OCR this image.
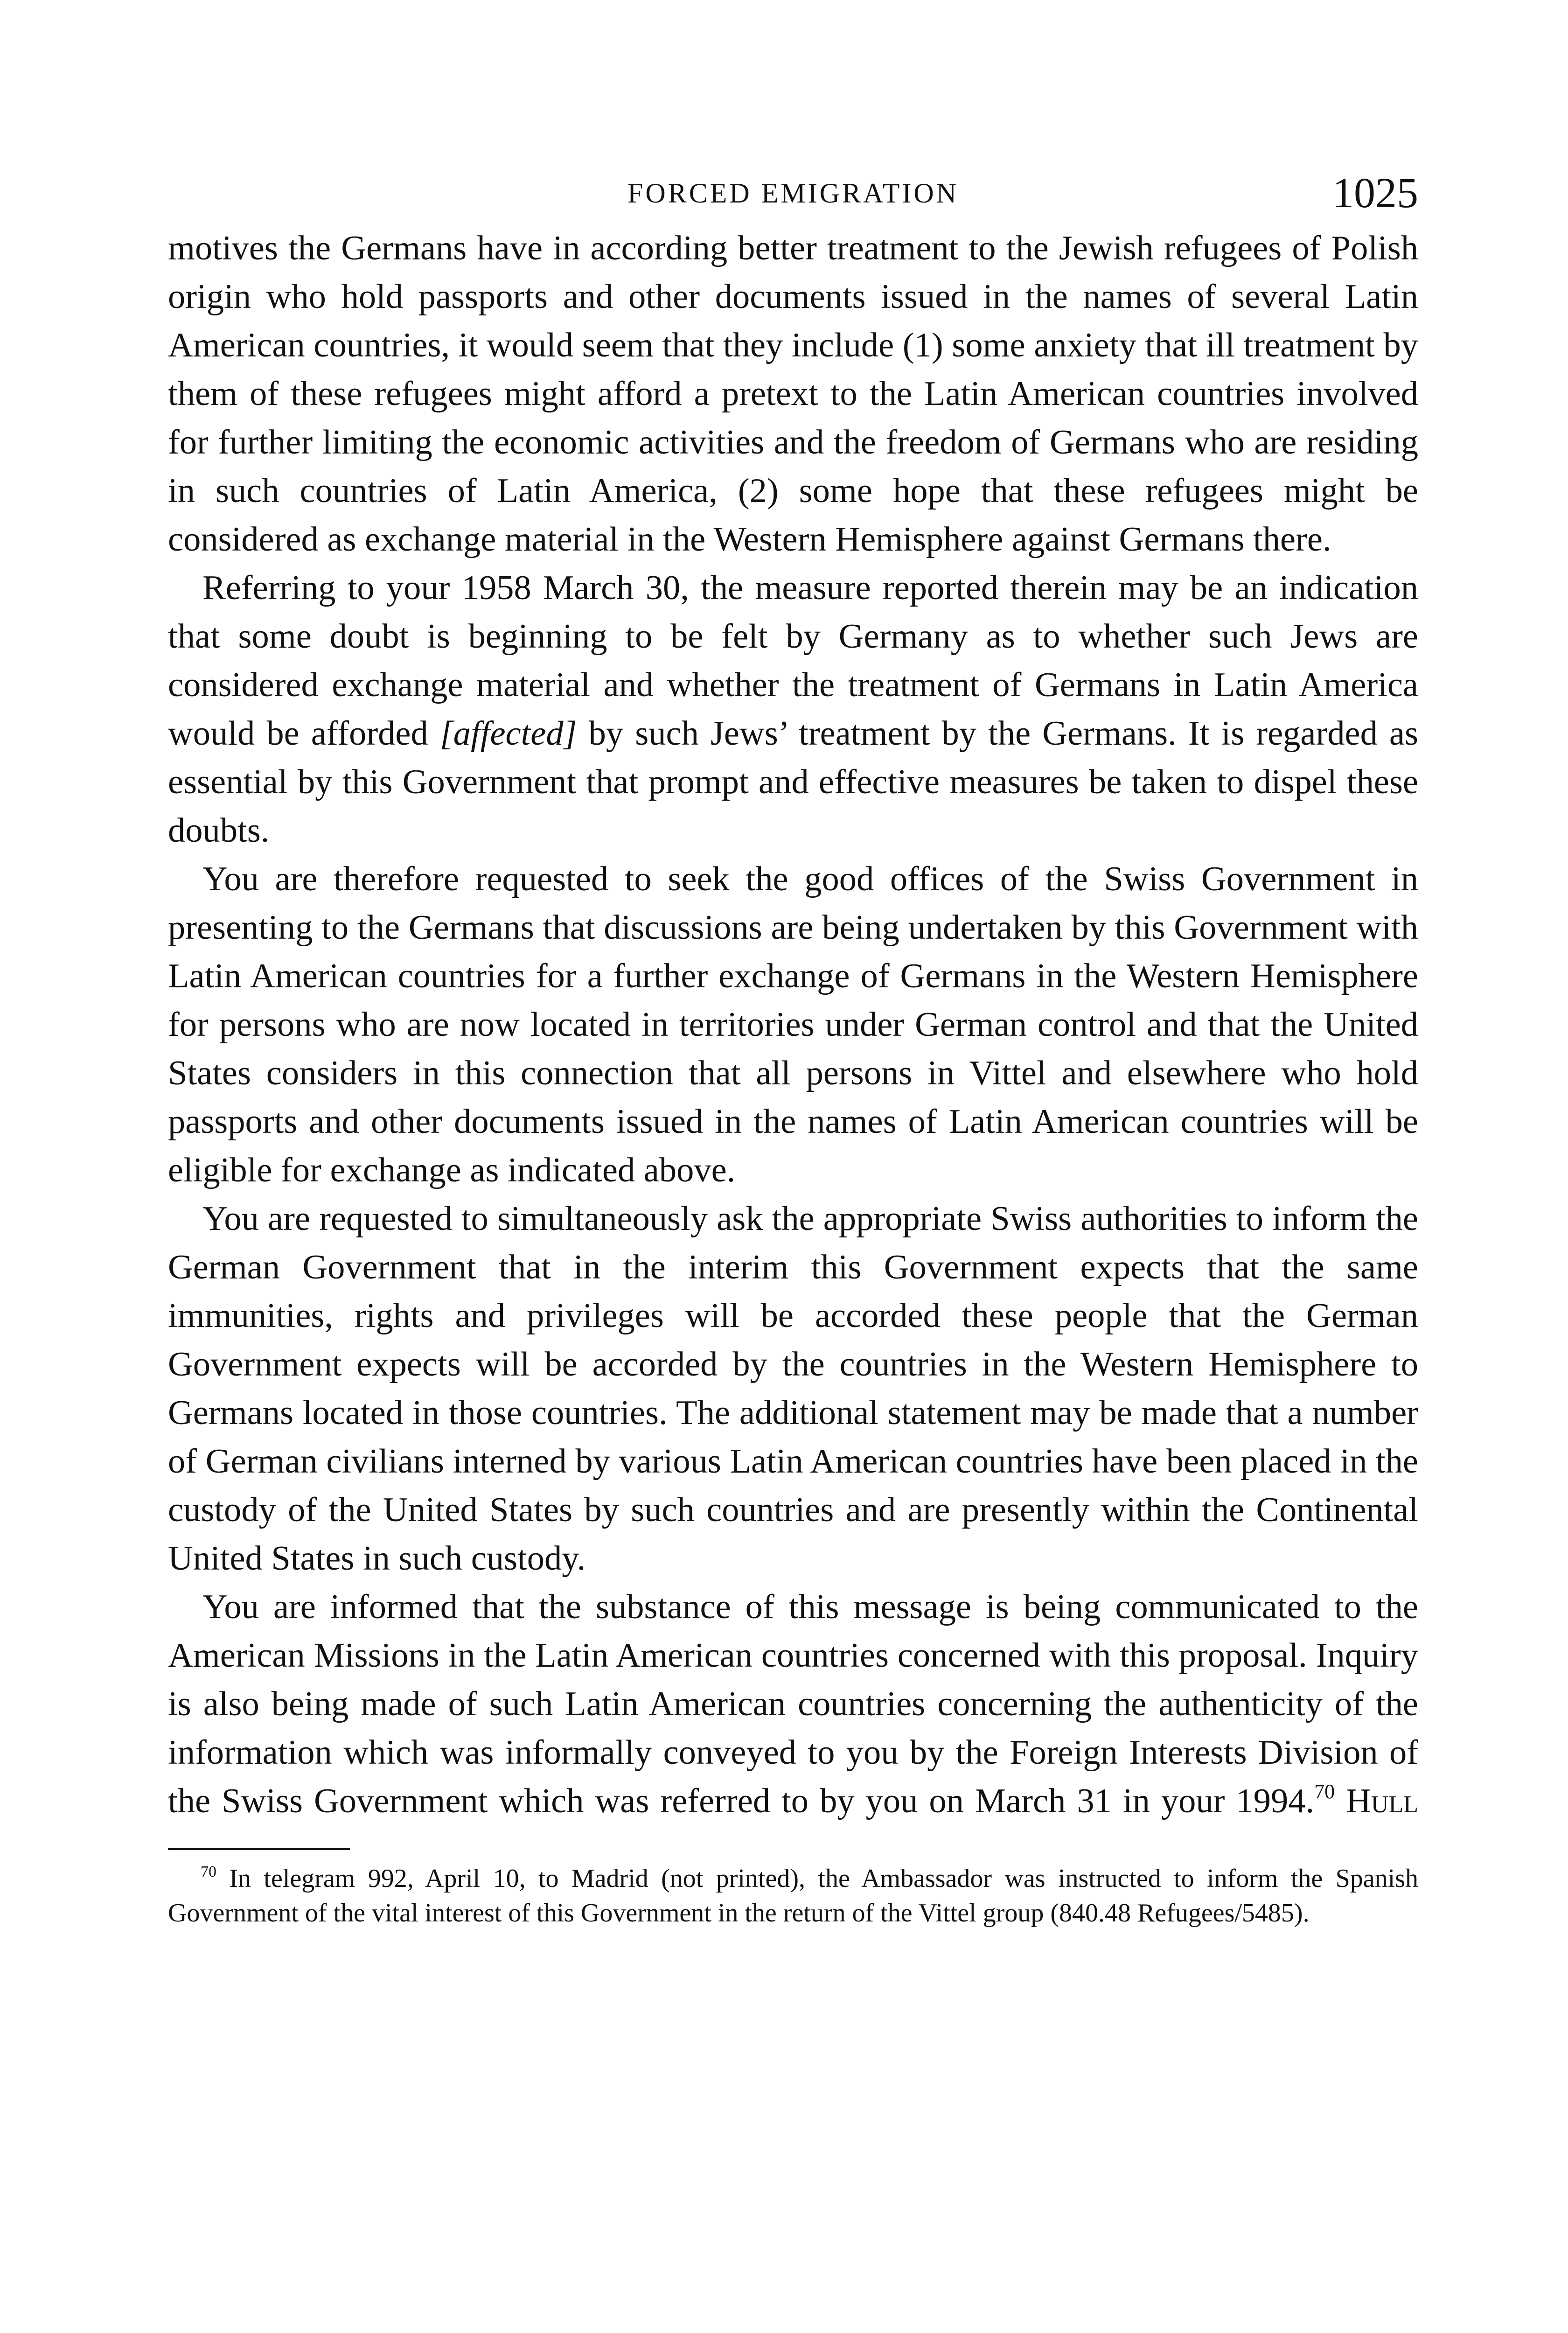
FORCED EMIGRATION	1025

motives the Germans have in according better treatment to the Jewish refugees of Polish origin who hold passports and other documents issued in the names of several Latin American countries, it would seem that they include (1) some anxiety that ill treatment by them of these refugees might afford a pretext to the Latin American countries involved for further limiting the economic activities and the freedom of Germans who are residing in such countries of Latin America, (2) some hope that these refugees might be considered as exchange material in the Western Hemisphere against Germans there.

Referring to your 1958 March 30, the measure reported therein may be an indication that some doubt is beginning to be felt by Germany as to whether such Jews are considered exchange material and whether the treatment of Germans in Latin America would be afforded [affected] by such Jews’ treatment by the Germans. It is regarded as essential by this Government that prompt and effective measures be taken to dispel these doubts.

You are therefore requested to seek the good offices of the Swiss Government in presenting to the Germans that discussions are being undertaken by this Government with Latin American countries for a further exchange of Germans in the Western Hemisphere for persons who are now located in territories under German control and that the United States considers in this connection that all persons in Vittel and elsewhere who hold passports and other documents issued in the names of Latin American countries will be eligible for exchange as indicated above.

You are requested to simultaneously ask the appropriate Swiss authorities to inform the German Government that in the interim this Government expects that the same immunities, rights and privileges will be accorded these people that the German Government expects will be accorded by the countries in the Western Hemisphere to Germans located in those countries. The additional statement may be made that a number of German civilians interned by various Latin American countries have been placed in the custody of the United States by such countries and are presently within the Continental United States in such custody.

You are informed that the substance of this message is being communicated to the American Missions in the Latin American countries concerned with this proposal. Inquiry is also being made of such Latin American countries concerning the authenticity of the information which was informally conveyed to you by the Foreign Interests Division of the Swiss Government which was referred to by you on March 31 in your 1994.70 Hull

$^{70}$ In telegram 992, April 10, to Madrid (not printed), the Ambassador was instructed to inform the Spanish Government of the vital interest of this Government in the return of the Vittel group (840.48 Refugees/5485).
